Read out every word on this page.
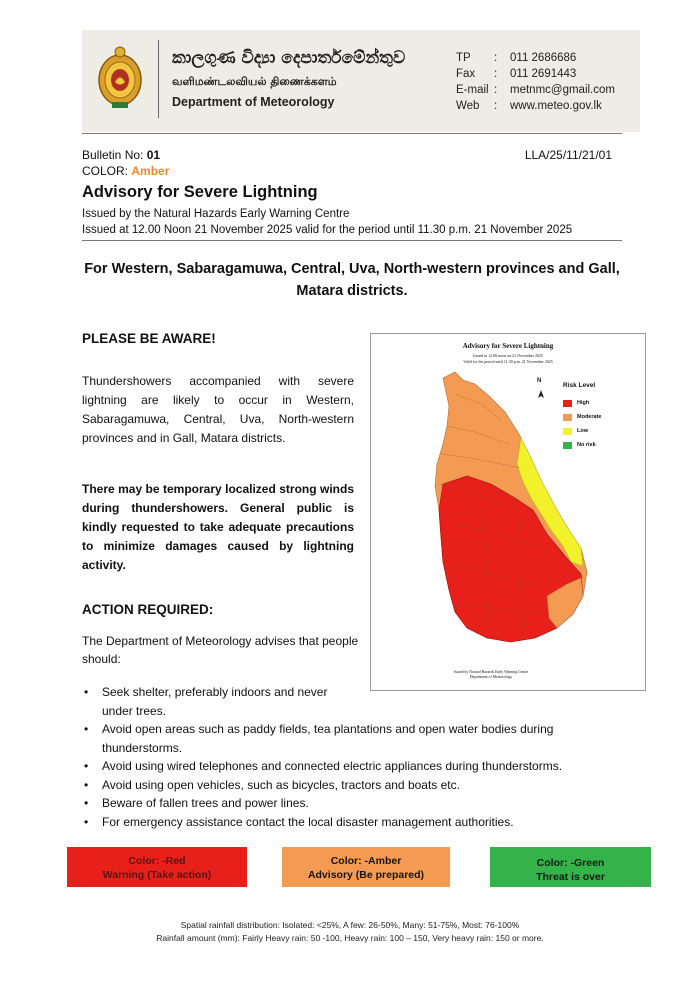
කාලගුණ විද්‍යා දෙපාර්තමේන්තුව
வளிமண்டலவியல் திணைக்களம்
Department of Meteorology
TP	:	011 2686686
Fax	:	011 2691443
E-mail :	metnmc@gmail.com
Web	:	www.meteo.gov.lk
Bulletin No: 01	LLA/25/11/21/01
COLOR: Amber
Advisory for Severe Lightning
Issued by the Natural Hazards Early Warning Centre
Issued at 12.00 Noon 21 November 2025 valid for the period until 11.30 p.m. 21 November 2025
For Western, Sabaragamuwa, Central, Uva, North-western provinces and Gall, Matara districts.
PLEASE BE AWARE!
Thundershowers accompanied with severe lightning are likely to occur in Western, Sabaragamuwa, Central, Uva, North-western provinces and in Gall, Matara districts.
There may be temporary localized strong winds during thundershowers. General public is kindly requested to take adequate precautions to minimize damages caused by lightning activity.
ACTION REQUIRED:
The Department of Meteorology advises that people should:
• Seek shelter, preferably indoors and never under trees.
• Avoid open areas such as paddy fields, tea plantations and open water bodies during thunderstorms.
• Avoid using wired telephones and connected electric appliances during thunderstorms.
• Avoid using open vehicles, such as bicycles, tractors and boats etc.
• Beware of fallen trees and power lines.
• For emergency assistance contact the local disaster management authorities.
Advisory for Severe Lightning
Issued at 12.00 noon on 21 November 2025
Valid for the period until 11.30 p.m. 21 November 2025
N
Risk Level
High
Moderate
Low
No risk
Issued by Natural Hazards Early Warning Centre
Department of Meteorology
Color: -Red
Warning (Take action)
Color: -Amber
Advisory (Be prepared)
Color: -Green
Threat is over
Spatial rainfall distribution: Isolated: <25%, A few: 26-50%, Many: 51-75%, Most: 76-100%
Rainfall amount (mm): Fairly Heavy rain: 50 -100, Heavy rain: 100 – 150, Very heavy rain: 150 or more.
